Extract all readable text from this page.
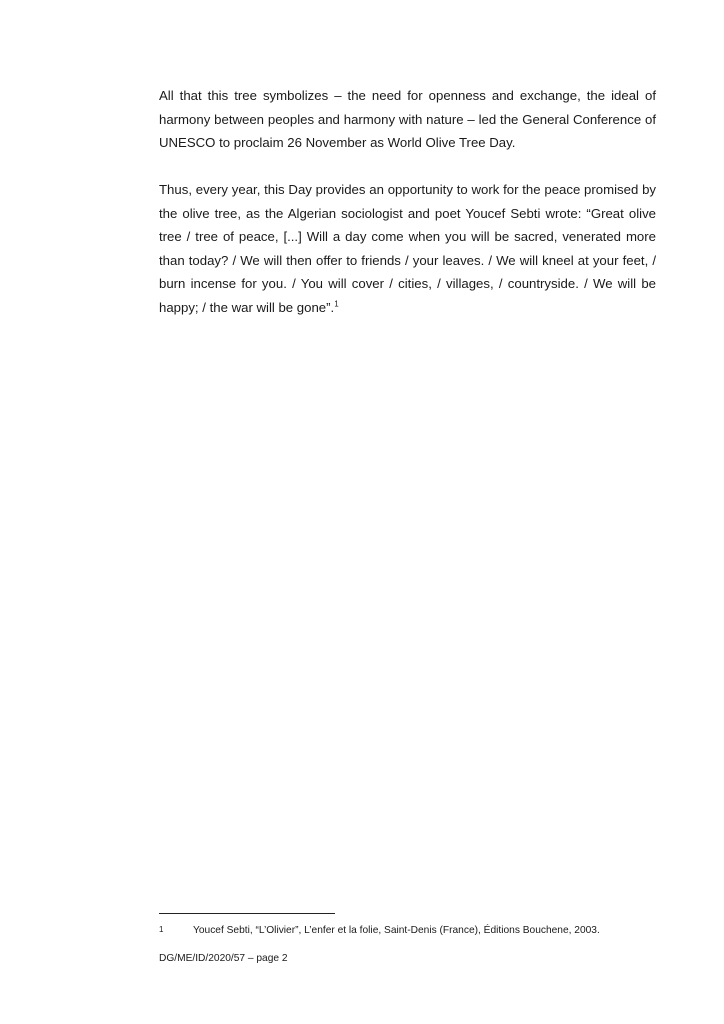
All that this tree symbolizes – the need for openness and exchange, the ideal of harmony between peoples and harmony with nature – led the General Conference of UNESCO to proclaim 26 November as World Olive Tree Day.

Thus, every year, this Day provides an opportunity to work for the peace promised by the olive tree, as the Algerian sociologist and poet Youcef Sebti wrote: “Great olive tree / tree of peace, [...] Will a day come when you will be sacred, venerated more than today? / We will then offer to friends / your leaves. / We will kneel at your feet, / burn incense for you. / You will cover / cities, / villages, / countryside. / We will be happy; / the war will be gone”.$^1$

1	Youcef Sebti, “L’Olivier”, L’enfer et la folie, Saint-Denis (France), Éditions Bouchene, 2003.

DG/ME/ID/2020/57 – page 2
